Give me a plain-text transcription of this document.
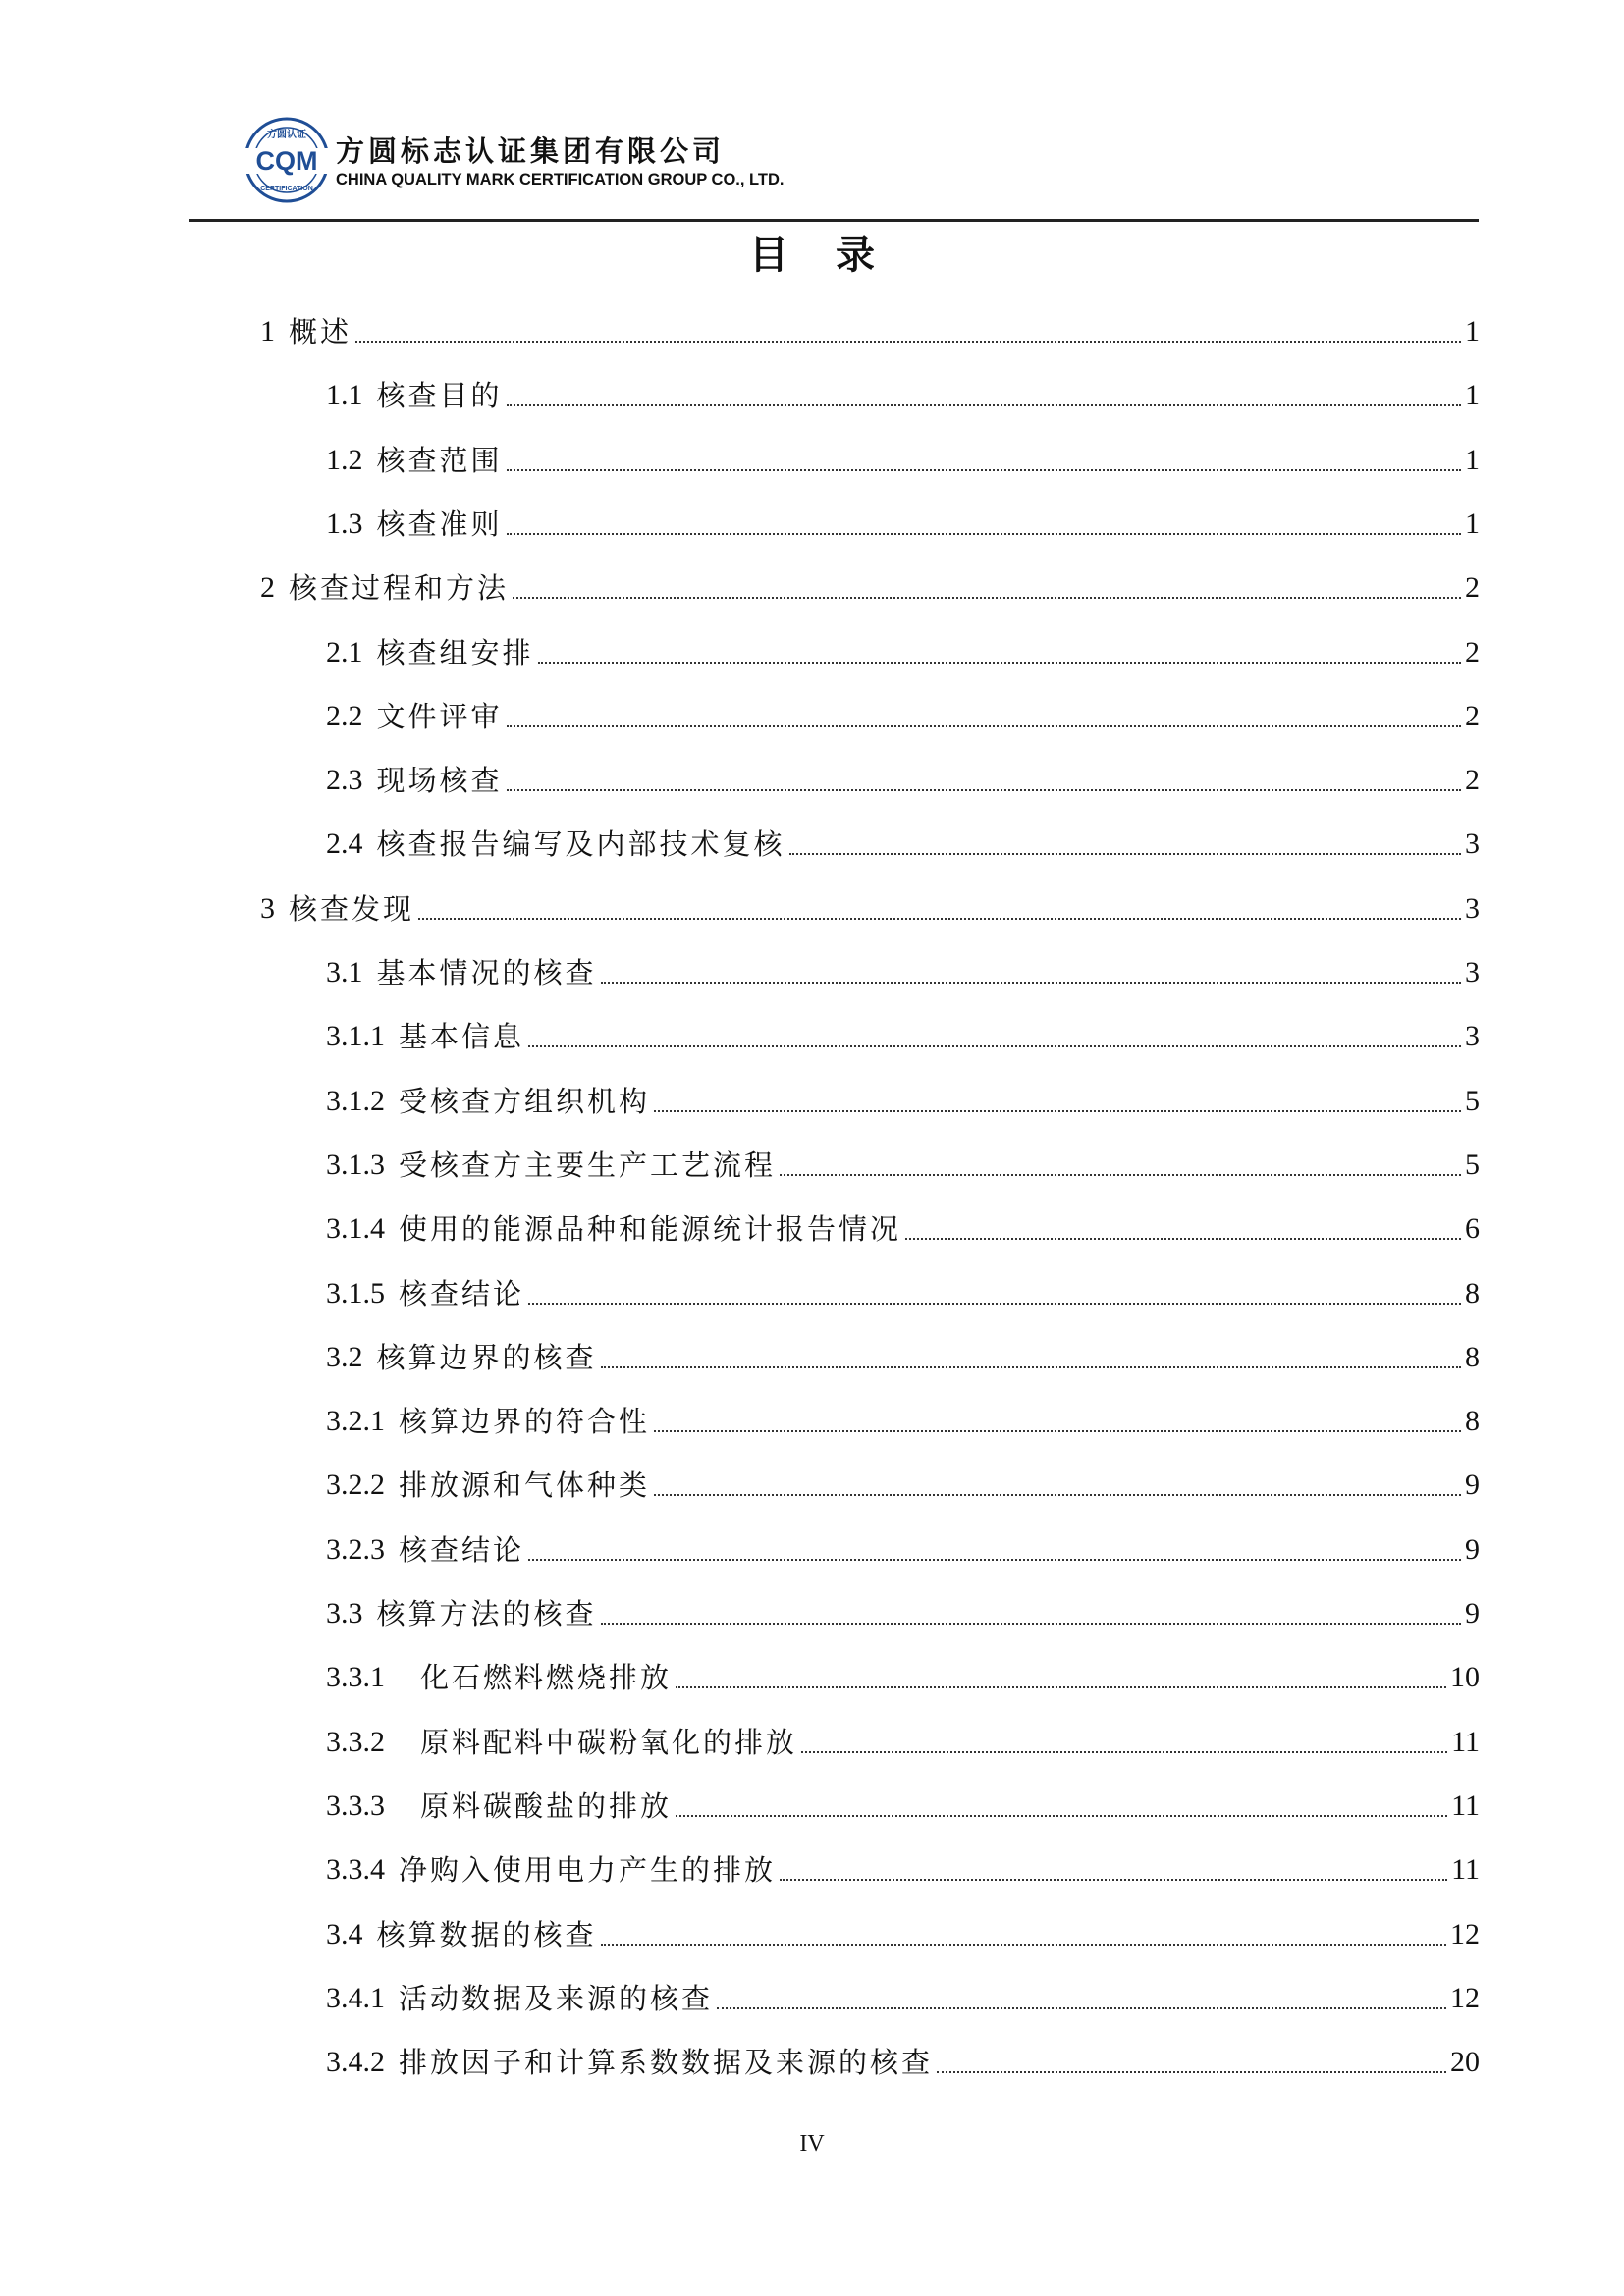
CQM
方圆认证
CERTIFICATION
方圆标志认证集团有限公司
CHINA QUALITY MARK CERTIFICATION GROUP CO., LTD.
目录
1 概述	1
1.1 核查目的	1
1.2 核查范围	1
1.3 核查准则	1
2 核查过程和方法	2
2.1 核查组安排	2
2.2 文件评审	2
2.3 现场核查	2
2.4 核查报告编写及内部技术复核	3
3 核查发现	3
3.1 基本情况的核查	3
3.1.1 基本信息	3
3.1.2 受核查方组织机构	5
3.1.3 受核查方主要生产工艺流程	5
3.1.4 使用的能源品种和能源统计报告情况	6
3.1.5 核查结论	8
3.2 核算边界的核查	8
3.2.1 核算边界的符合性	8
3.2.2 排放源和气体种类	9
3.2.3 核查结论	9
3.3 核算方法的核查	9
3.3.1 化石燃料燃烧排放	10
3.3.2 原料配料中碳粉氧化的排放	11
3.3.3 原料碳酸盐的排放	11
3.3.4 净购入使用电力产生的排放	11
3.4 核算数据的核查	12
3.4.1 活动数据及来源的核查	12
3.4.2 排放因子和计算系数数据及来源的核查	20
IV
